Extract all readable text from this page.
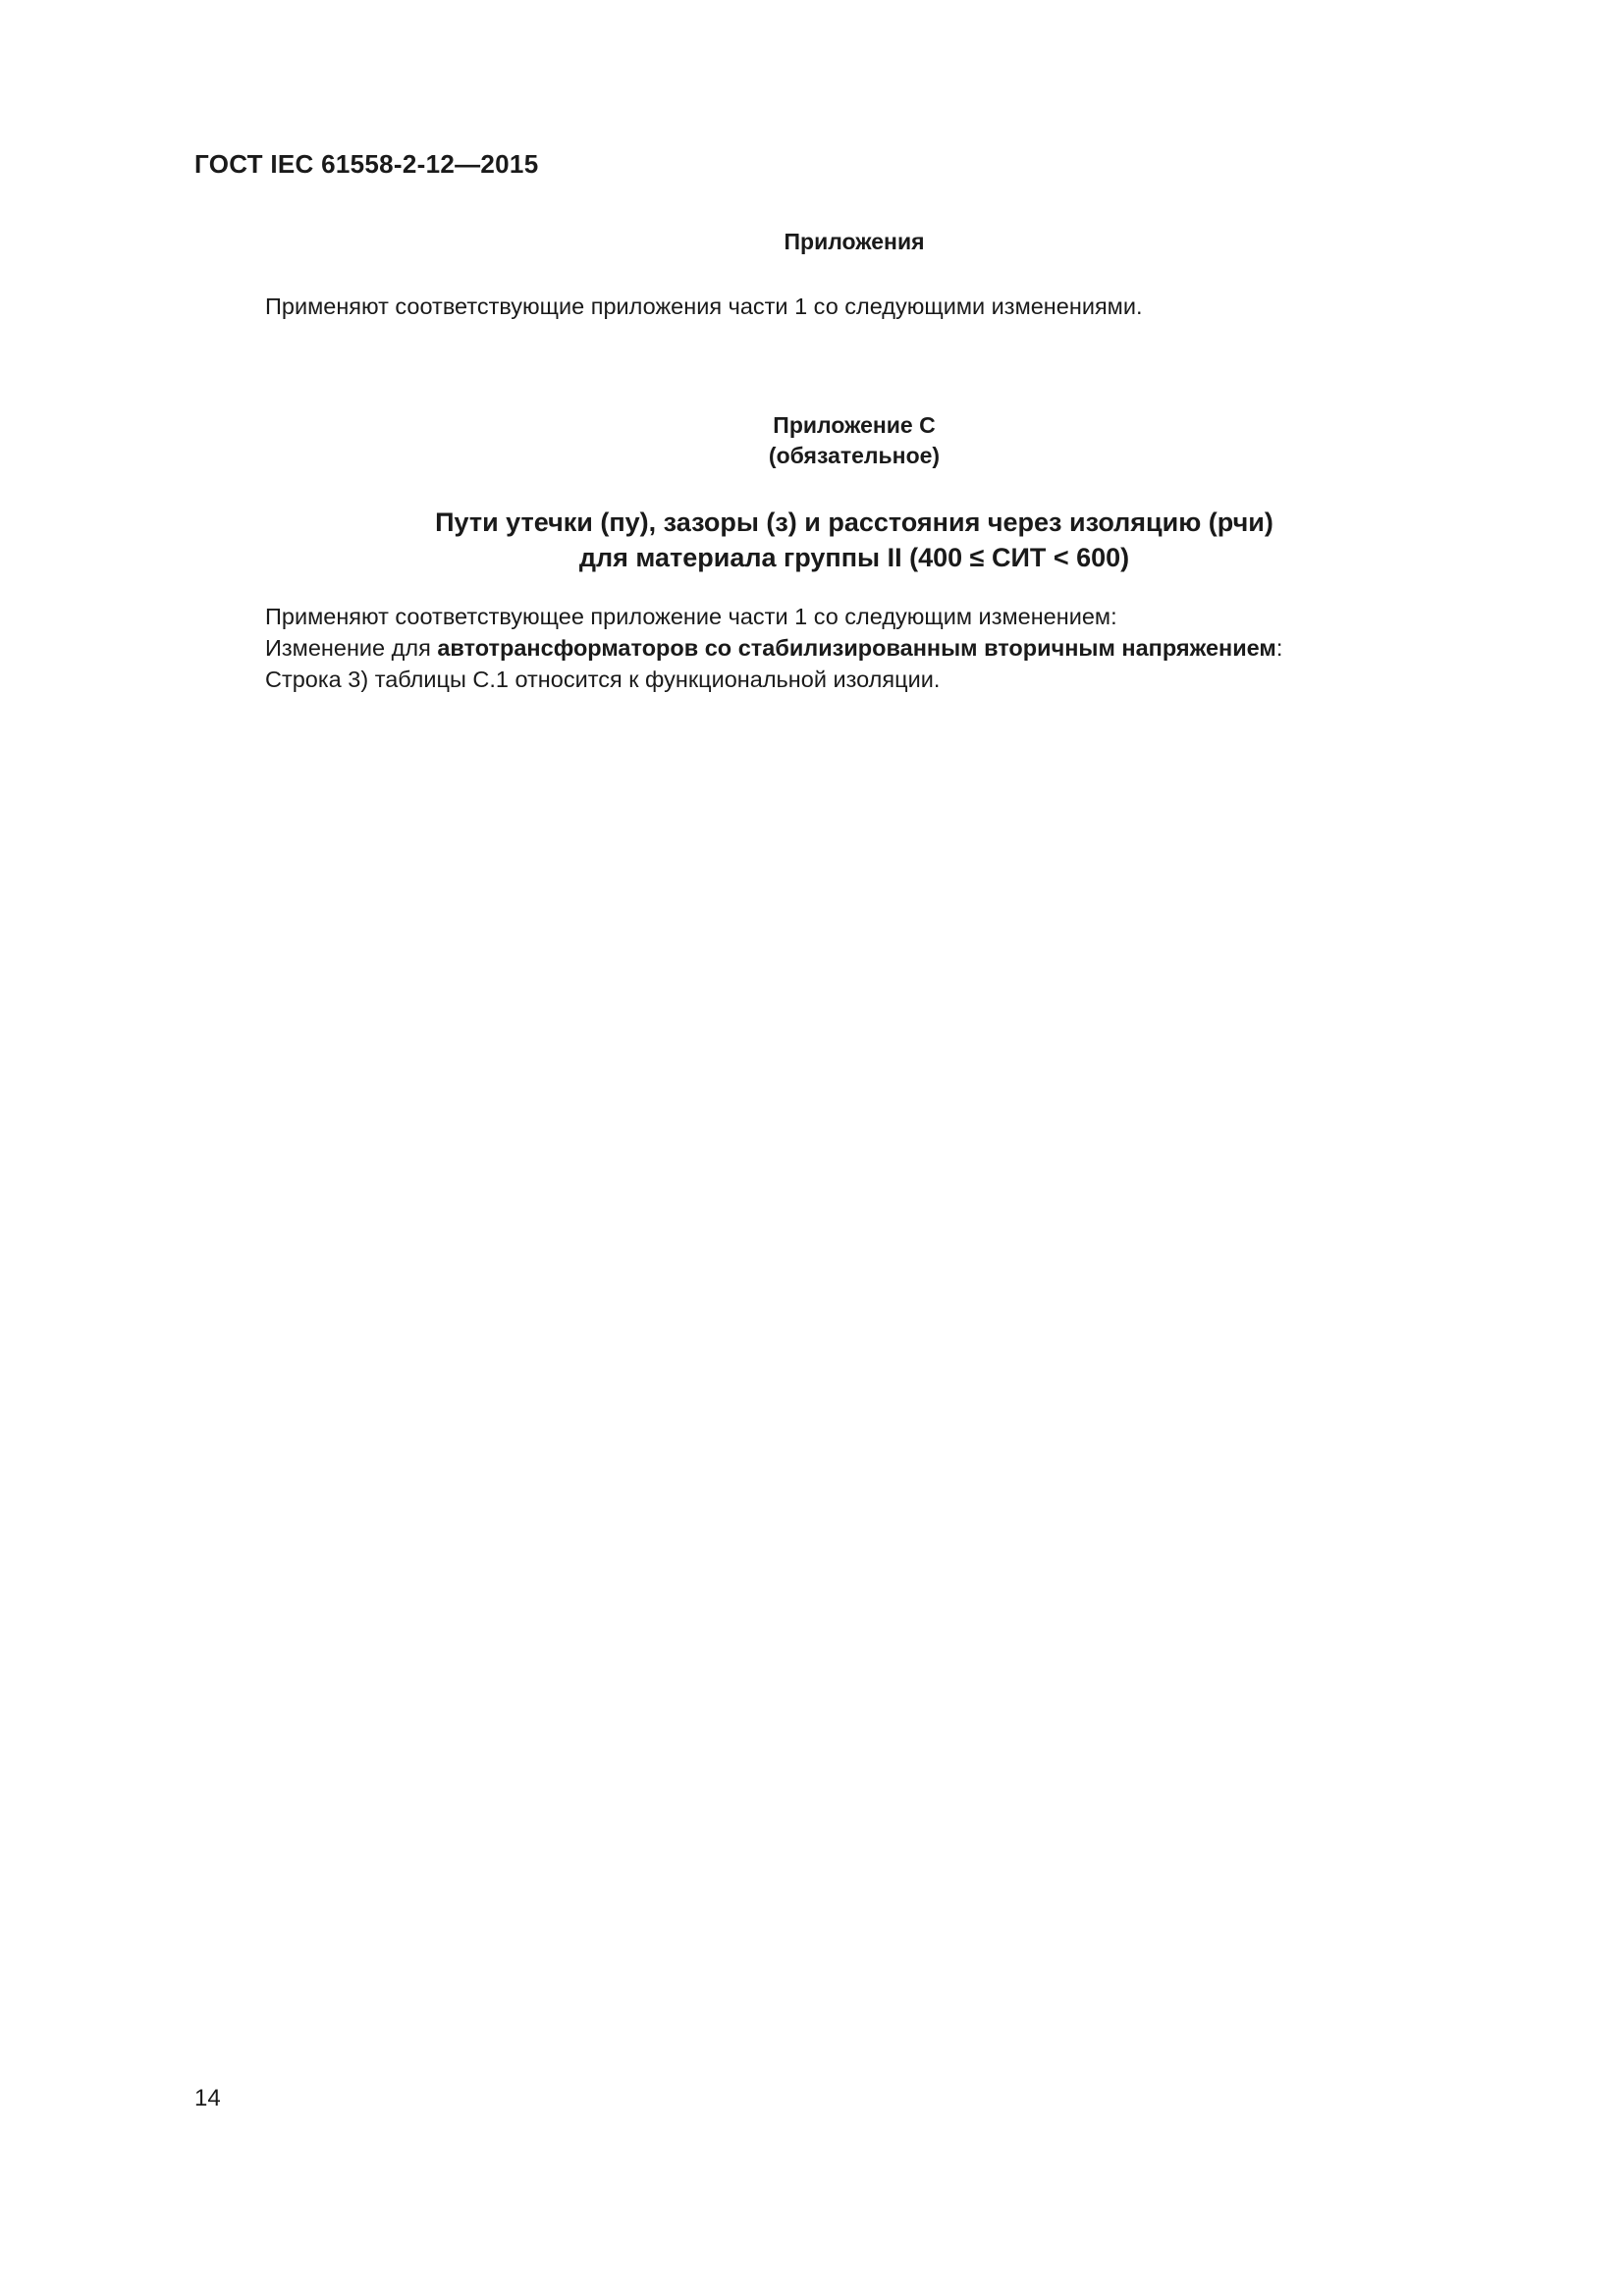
ГОСТ IEC 61558-2-12—2015
Приложения
Применяют соответствующие приложения части 1 со следующими изменениями.
Приложение С
(обязательное)
Пути утечки (пу), зазоры (з) и расстояния через изоляцию (рчи)
для материала группы II (400 ≤ СИТ < 600)
Применяют соответствующее приложение части 1 со следующим изменением:
Изменение для автотрансформаторов со стабилизированным вторичным напряжением:
Строка 3) таблицы С.1 относится к функциональной изоляции.
14
